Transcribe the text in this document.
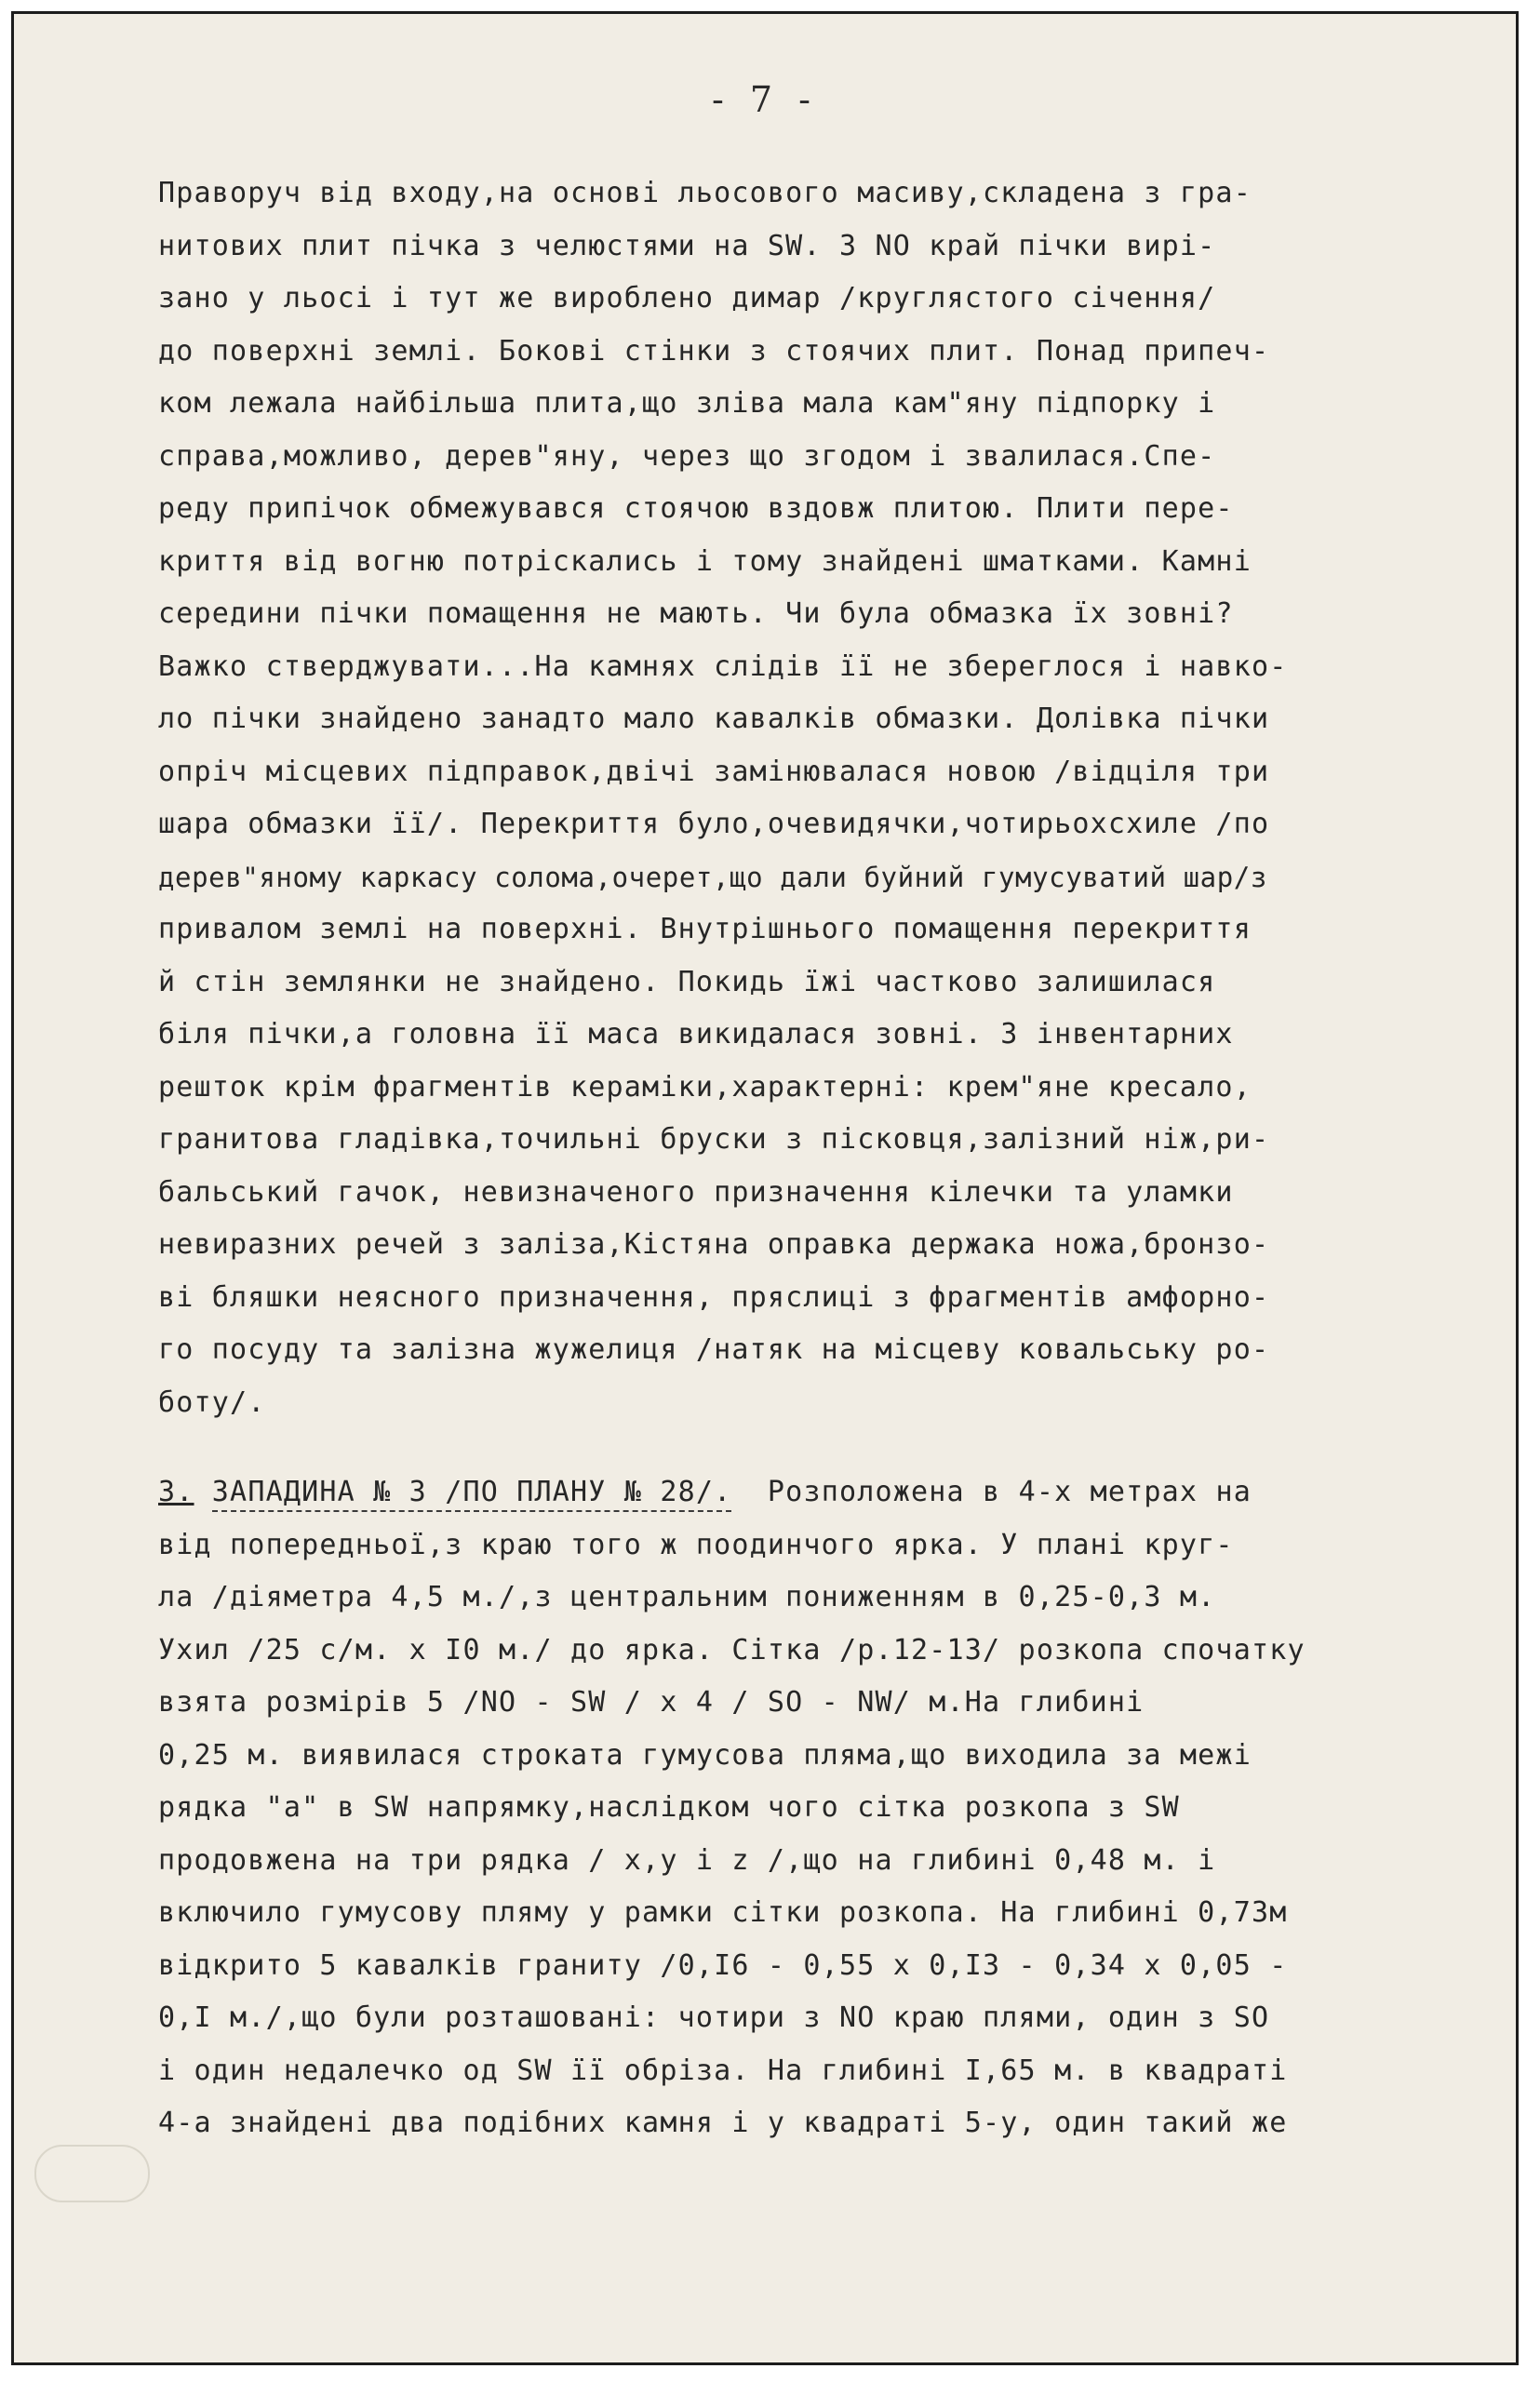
- 7 -
Праворуч від входу,на основі льосового масиву,складена з гра-
нитових плит пічка з челюстями на SW. З NO край пічки вирі-
зано у льосі і тут же вироблено димар /круглястого січення/
до поверхні землі. Бокові стінки з стоячих плит. Понад припеч-
ком лежала найбільша плита,що зліва мала кам"яну підпорку і
справа,можливо, дерев"яну, через що згодом і звалилася.Спе-
реду припічок обмежувався стоячою вздовж плитою. Плити пере-
криття від вогню потріскались і тому знайдені шматками. Камні
середини пічки помащення не мають. Чи була обмазка їх зовні?
Важко стверджувати...На камнях слідів її не збереглося і навко-
ло пічки знайдено занадто мало кавалків обмазки. Долівка пічки
опріч місцевих підправок,двічі замінювалася новою /відціля три
шара обмазки її/. Перекриття було,очевидячки,чотирьохсхиле /по
дерев"яному каркасу солома,очерет,що дали буйний гумусуватий шар/з
привалом землі на поверхні. Внутрішнього помащення перекриття
й стін землянки не знайдено. Покидь їжі частково залишилася
біля пічки,а головна її маса викидалася зовні. З інвентарних
решток крім фрагментів кераміки,характерні: крем"яне кресало,
гранитова гладівка,точильні бруски з пісковця,залізний ніж,ри-
бальський гачок, невизначеного призначення кілечки та уламки
невиразних речей з заліза,Кістяна оправка держака ножа,бронзо-
ві бляшки неясного призначення, пряслиці з фрагментів амфорно-
го посуду та залізна жужелиця /натяк на місцеву ковальську ро-
боту/.
3. ЗАПАДИНА № 3 /ПО ПЛАНУ № 28/. Розположена в 4-х метрах на
від попередньої,з краю того ж поодинчого ярка. У плані круг-
ла /діяметра 4,5 м./,з центральним пониженням в 0,25-0,3 м.
Ухил /25 с/м. х I0 м./ до ярка. Сітка /р.12-13/ розкопа спочатку
взята розмірів 5 /NO - SW / х 4 / SO - NW/ м.На глибині
0,25 м. виявилася строката гумусова пляма,що виходила за межі
рядка "а" в SW напрямку,наслідком чого сітка розкопа з SW
продовжена на три рядка / х,у і z /,що на глибині 0,48 м. і
включило гумусову пляму у рамки сітки розкопа. На глибині 0,73м
відкрито 5 кавалків граниту /0,I6 - 0,55 х 0,I3 - 0,34 х 0,05 -
0,I м./,що були розташовані: чотири з NO краю плями, один з SO
і один недалечко од SW її обріза. На глибині I,65 м. в квадраті
4-а знайдені два подібних камня і у квадраті 5-у, один такий же
